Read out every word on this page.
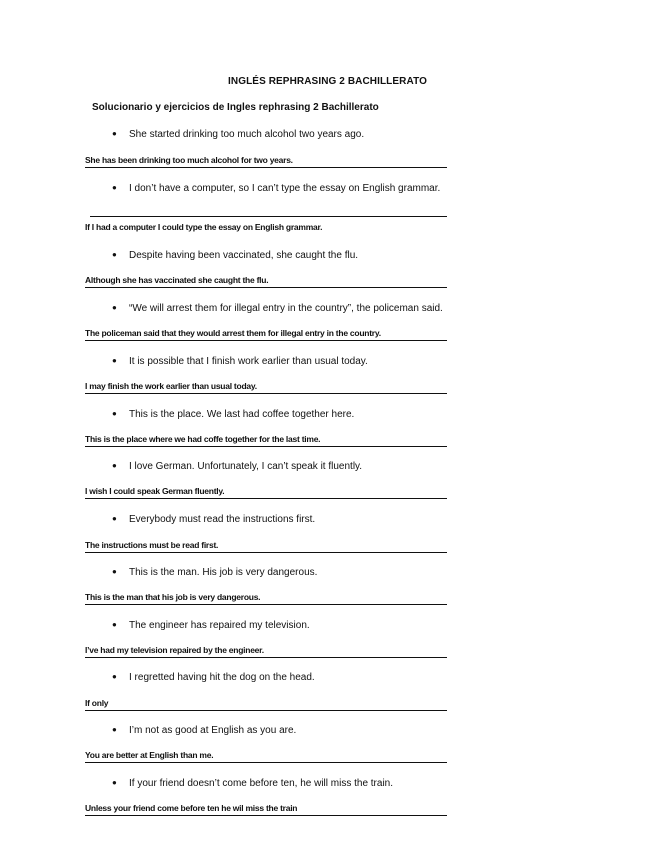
INGLÉS REPHRASING 2 BACHILLERATO
Solucionario y ejercicios de Ingles rephrasing 2 Bachillerato
● She started drinking too much alcohol two years ago.
She has been drinking too much alcohol for two years.
● I don’t have a computer, so I can’t type the essay on English grammar.
If I had a computer I could type the essay on English grammar.
● Despite having been vaccinated, she caught the flu.
Although she has vaccinated she caught the flu.
● “We will arrest them for illegal entry in the country”, the policeman said.
The policeman said that they would arrest them for illegal entry in the country.
● It is possible that I finish work earlier than usual today.
I may finish the work earlier than usual today.
● This is the place. We last had coffee together here.
This is the place where we had coffe together for the last time.
● I love German. Unfortunately, I can’t speak it fluently.
I wish I could speak German fluently.
● Everybody must read the instructions first.
The instructions must be read first.
● This is the man. His job is very dangerous.
This is the man that his job is very dangerous.
● The engineer has repaired my television.
I’ve had my television repaired by the engineer.
● I regretted having hit the dog on the head.
If only
● I’m not as good at English as you are.
You are better at English than me.
● If your friend doesn’t come before ten, he will miss the train.
Unless your friend come before ten he wil miss the train
